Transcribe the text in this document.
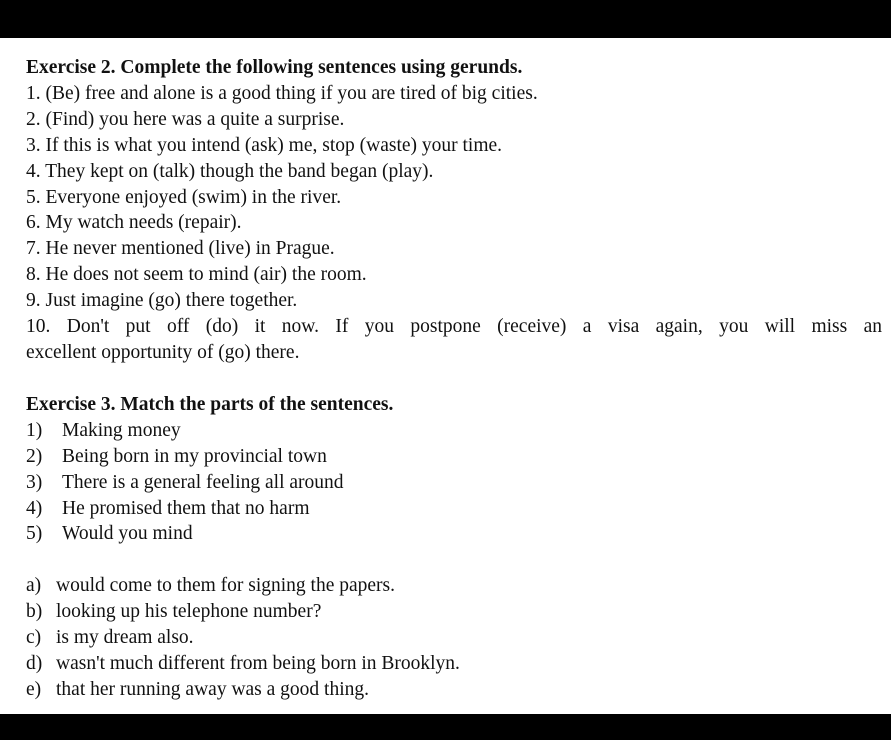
Exercise 2. Complete the following sentences using gerunds.
1. (Be) free and alone is a good thing if you are tired of big cities.
2. (Find) you here was a quite a surprise.
3. If this is what you intend (ask) me, stop (waste) your time.
4. They kept on (talk) though the band began (play).
5. Everyone enjoyed (swim) in the river.
6. My watch needs (repair).
7. He never mentioned (live) in Prague.
8. He does not seem to mind (air) the room.
9. Just imagine (go) there together.
10. Don't put off (do) it now. If you postpone (receive) a visa again, you will miss an
excellent opportunity of (go) there.
Exercise 3. Match the parts of the sentences.
1) Making money
2) Being born in my provincial town
3) There is a general feeling all around
4) He promised them that no harm
5) Would you mind
a) would come to them for signing the papers.
b) looking up his telephone number?
c) is my dream also.
d) wasn't much different from being born in Brooklyn.
e) that her running away was a good thing.
